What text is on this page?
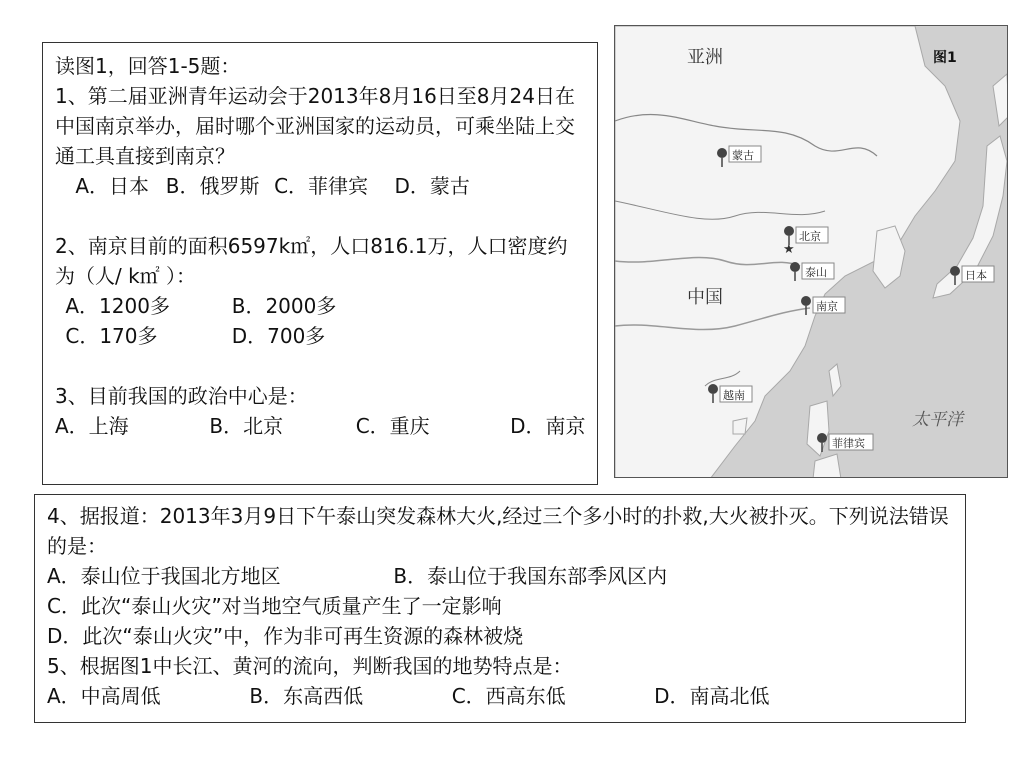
读图1，回答1-5题：
1、第二届亚洲青年运动会于2013年8月16日至8月24日在中国南京举办，届时哪个亚洲国家的运动员，可乘坐陆上交通工具直接到南京？
A．日本 B．俄罗斯 C．菲律宾 D．蒙古
2、南京目前的面积6597k㎡，人口816.1万，人口密度约为（人/ k㎡ ）：
A．1200多	B．2000多
C．170多	D．700多
3、目前我国的政治中心是：
A．上海	B．北京	C．重庆	D．南京
★
亚洲
中国
太平洋
图1
蒙古
北京
泰山
南京
日本
越南
菲律宾
4、据报道：2013年3月9日下午泰山突发森林大火,经过三个多小时的扑救,大火被扑灭。下列说法错误的是：
A．泰山位于我国北方地区	B．泰山位于我国东部季风区内
C．此次“泰山火灾”对当地空气质量产生了一定影响
D．此次“泰山火灾”中，作为非可再生资源的森林被烧
5、根据图1中长江、黄河的流向，判断我国的地势特点是：
A．中高周低	B．东高西低	C．西高东低	D．南高北低
